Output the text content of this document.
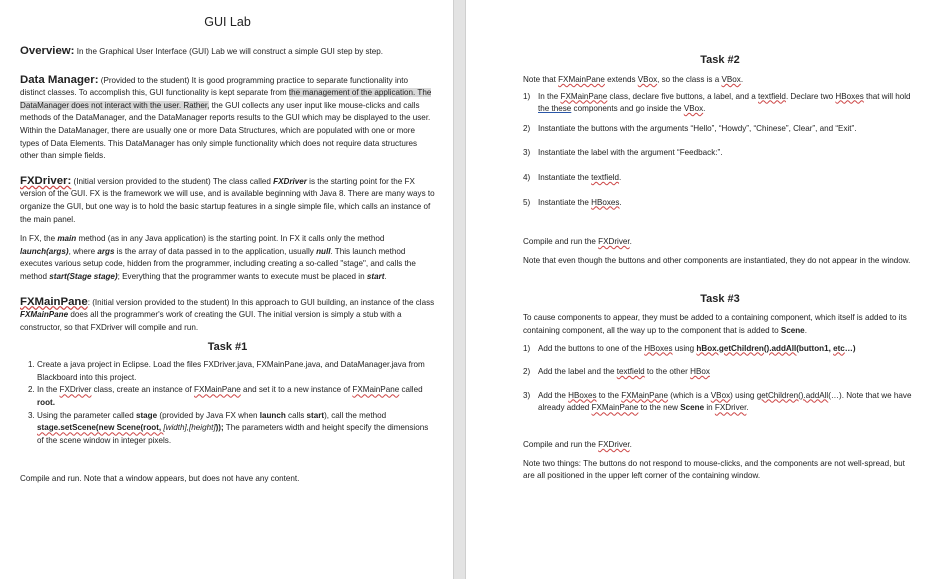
GUI Lab

Overview: In the Graphical User Interface (GUI) Lab we will construct a simple GUI step by step.

Data Manager: (Provided to the student) It is good programming practice to separate functionality into distinct classes. To accomplish this, GUI functionality is kept separate from the management of the application. The DataManager does not interact with the user. Rather, the GUI collects any user input like mouse-clicks and calls methods of the DataManager, and the DataManager reports results to the GUI which may be displayed to the user. Within the DataManager, there are usually one or more Data Structures, which are populated with one or more types of Data Elements. This DataManager has only simple functionality which does not require data structures other than simple fields.

FXDriver: (Initial version provided to the student) The class called FXDriver is the starting point for the FX version of the GUI. FX is the framework we will use, and is available beginning with Java 8. There are many ways to organize the GUI, but one way is to hold the basic startup features in a single simple file, which calls an instance of the main panel.

In FX, the main method (as in any Java application) is the starting point. In FX it calls only the method launch(args), where args is the array of data passed in to the application, usually null. This launch method executes various setup code, hidden from the programmer, including creating a so-called "stage", and calls the method start(Stage stage); Everything that the programmer wants to execute must be placed in start.

FXMainPane: (Initial version provided to the student) In this approach to GUI building, an instance of the class FXMainPane does all the programmer's work of creating the GUI. The initial version is simply a stub with a constructor, so that FXDriver will compile and run.

Task #1
1. Create a java project in Eclipse. Load the files FXDriver.java, FXMainPane.java, and DataManager.java from Blackboard into this project.
2. In the FXDriver class, create an instance of FXMainPane and set it to a new instance of FXMainPane called root.
3. Using the parameter called stage (provided by Java FX when launch calls start), call the method stage.setScene(new Scene(root, [width],[height])); The parameters width and height specify the dimensions of the scene window in integer pixels.

Compile and run. Note that a window appears, but does not have any content.

Task #2

Note that FXMainPane extends VBox, so the class is a VBox.

1) In the FXMainPane class, declare five buttons, a label, and a textfield. Declare two HBoxes that will hold the these components and go inside the VBox.
2) Instantiate the buttons with the arguments “Hello”, “Howdy”, “Chinese”, Clear”, and “Exit”.
3) Instantiate the label with the argument “Feedback:”.
4) Instantiate the textfield.
5) Instantiate the HBoxes.

Compile and run the FXDriver.

Note that even though the buttons and other components are instantiated, they do not appear in the window.

Task #3

To cause components to appear, they must be added to a containing component, which itself is added to its containing component, all the way up to the component that is added to Scene.

1) Add the buttons to one of the HBoxes using hBox.getChildren().addAll(button1, etc…)
2) Add the label and the textfield to the other HBox
3) Add the HBoxes to the FXMainPane (which is a VBox) using getChildren().addAll(…). Note that we have already added FXMainPane to the new Scene in FXDriver.

Compile and run the FXDriver.

Note two things: The buttons do not respond to mouse-clicks, and the components are not well-spread, but are all positioned in the upper left corner of the containing window.
